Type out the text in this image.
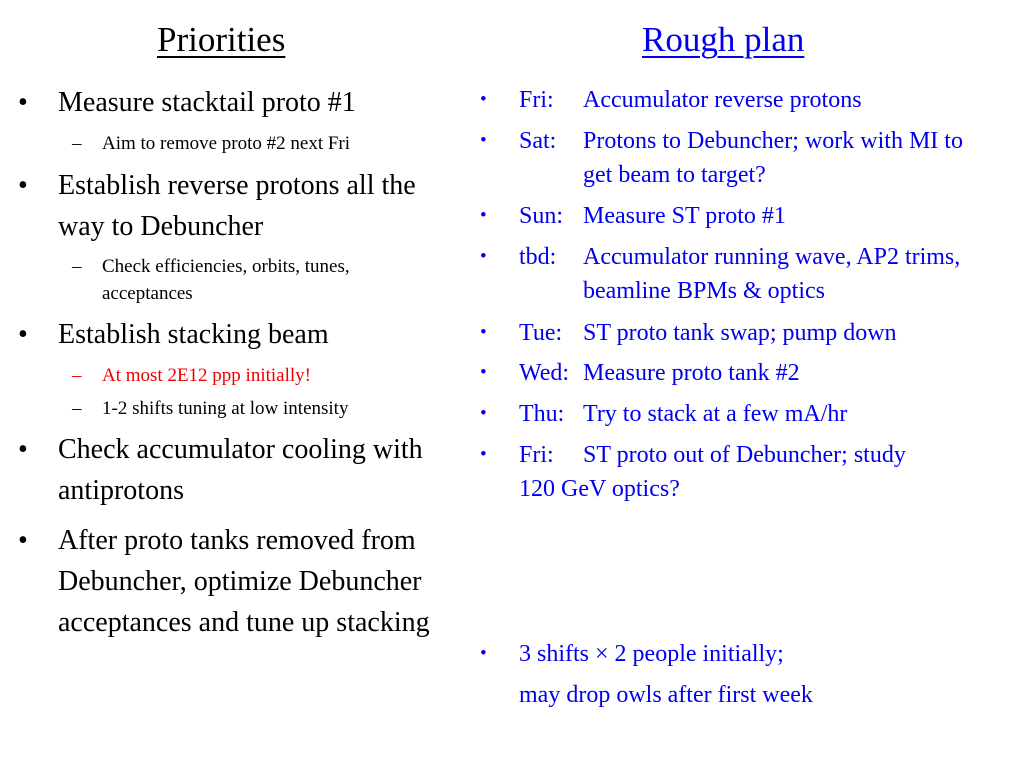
Priorities	Rough plan
• Measure stacktail proto #1
– Aim to remove proto #2 next Fri
• Establish reverse protons all the way to Debuncher
– Check efficiencies, orbits, tunes, acceptances
• Establish stacking beam
– At most 2E12 ppp initially!
– 1-2 shifts tuning at low intensity
• Check accumulator cooling with antiprotons
• After proto tanks removed from Debuncher, optimize Debuncher acceptances and tune up stacking
• Fri: Accumulator reverse protons
• Sat: Protons to Debuncher; work with MI to get beam to target?
• Sun: Measure ST proto #1
• tbd: Accumulator running wave, AP2 trims, beamline BPMs & optics
• Tue: ST proto tank swap; pump down
• Wed: Measure proto tank #2
• Thu: Try to stack at a few mA/hr
• Fri: ST proto out of Debuncher; study
120 GeV optics?
• 3 shifts × 2 people initially;
may drop owls after first week
